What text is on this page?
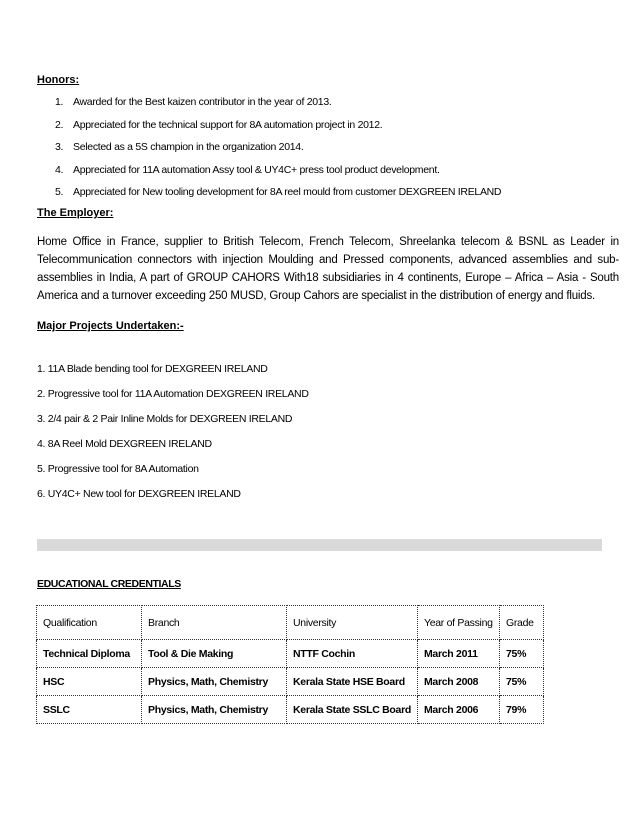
Honors:
1. Awarded for the Best kaizen contributor in the year of 2013.
2. Appreciated for the technical support for 8A automation project in 2012.
3. Selected as a 5S champion in the organization 2014.
4. Appreciated for 11A automation Assy tool & UY4C+ press tool product development.
5. Appreciated for New tooling development for 8A reel mould from customer DEXGREEN IRELAND
The Employer:
Home Office in France, supplier to British Telecom, French Telecom, Shreelanka telecom & BSNL as Leader in Telecommunication connectors with injection Moulding and Pressed components, advanced assemblies and sub-assemblies in India, A part of GROUP CAHORS With18 subsidiaries in 4 continents, Europe – Africa – Asia - South America and a turnover exceeding 250 MUSD, Group Cahors are specialist in the distribution of energy and fluids.
Major Projects Undertaken:-
1. 11A Blade bending tool for DEXGREEN IRELAND
2. Progressive tool for 11A Automation DEXGREEN IRELAND
3. 2/4 pair & 2 Pair Inline Molds for DEXGREEN IRELAND
4. 8A Reel Mold DEXGREEN IRELAND
5. Progressive tool for 8A Automation
6. UY4C+ New tool for DEXGREEN IRELAND
EDUCATIONAL CREDENTIALS
Qualification	Branch	University	Year of Passing	Grade
Technical Diploma	Tool & Die Making	NTTF Cochin	March 2011	75%
HSC	Physics, Math, Chemistry	Kerala State HSE Board	March 2008	75%
SSLC	Physics, Math, Chemistry	Kerala State SSLC Board	March 2006	79%
